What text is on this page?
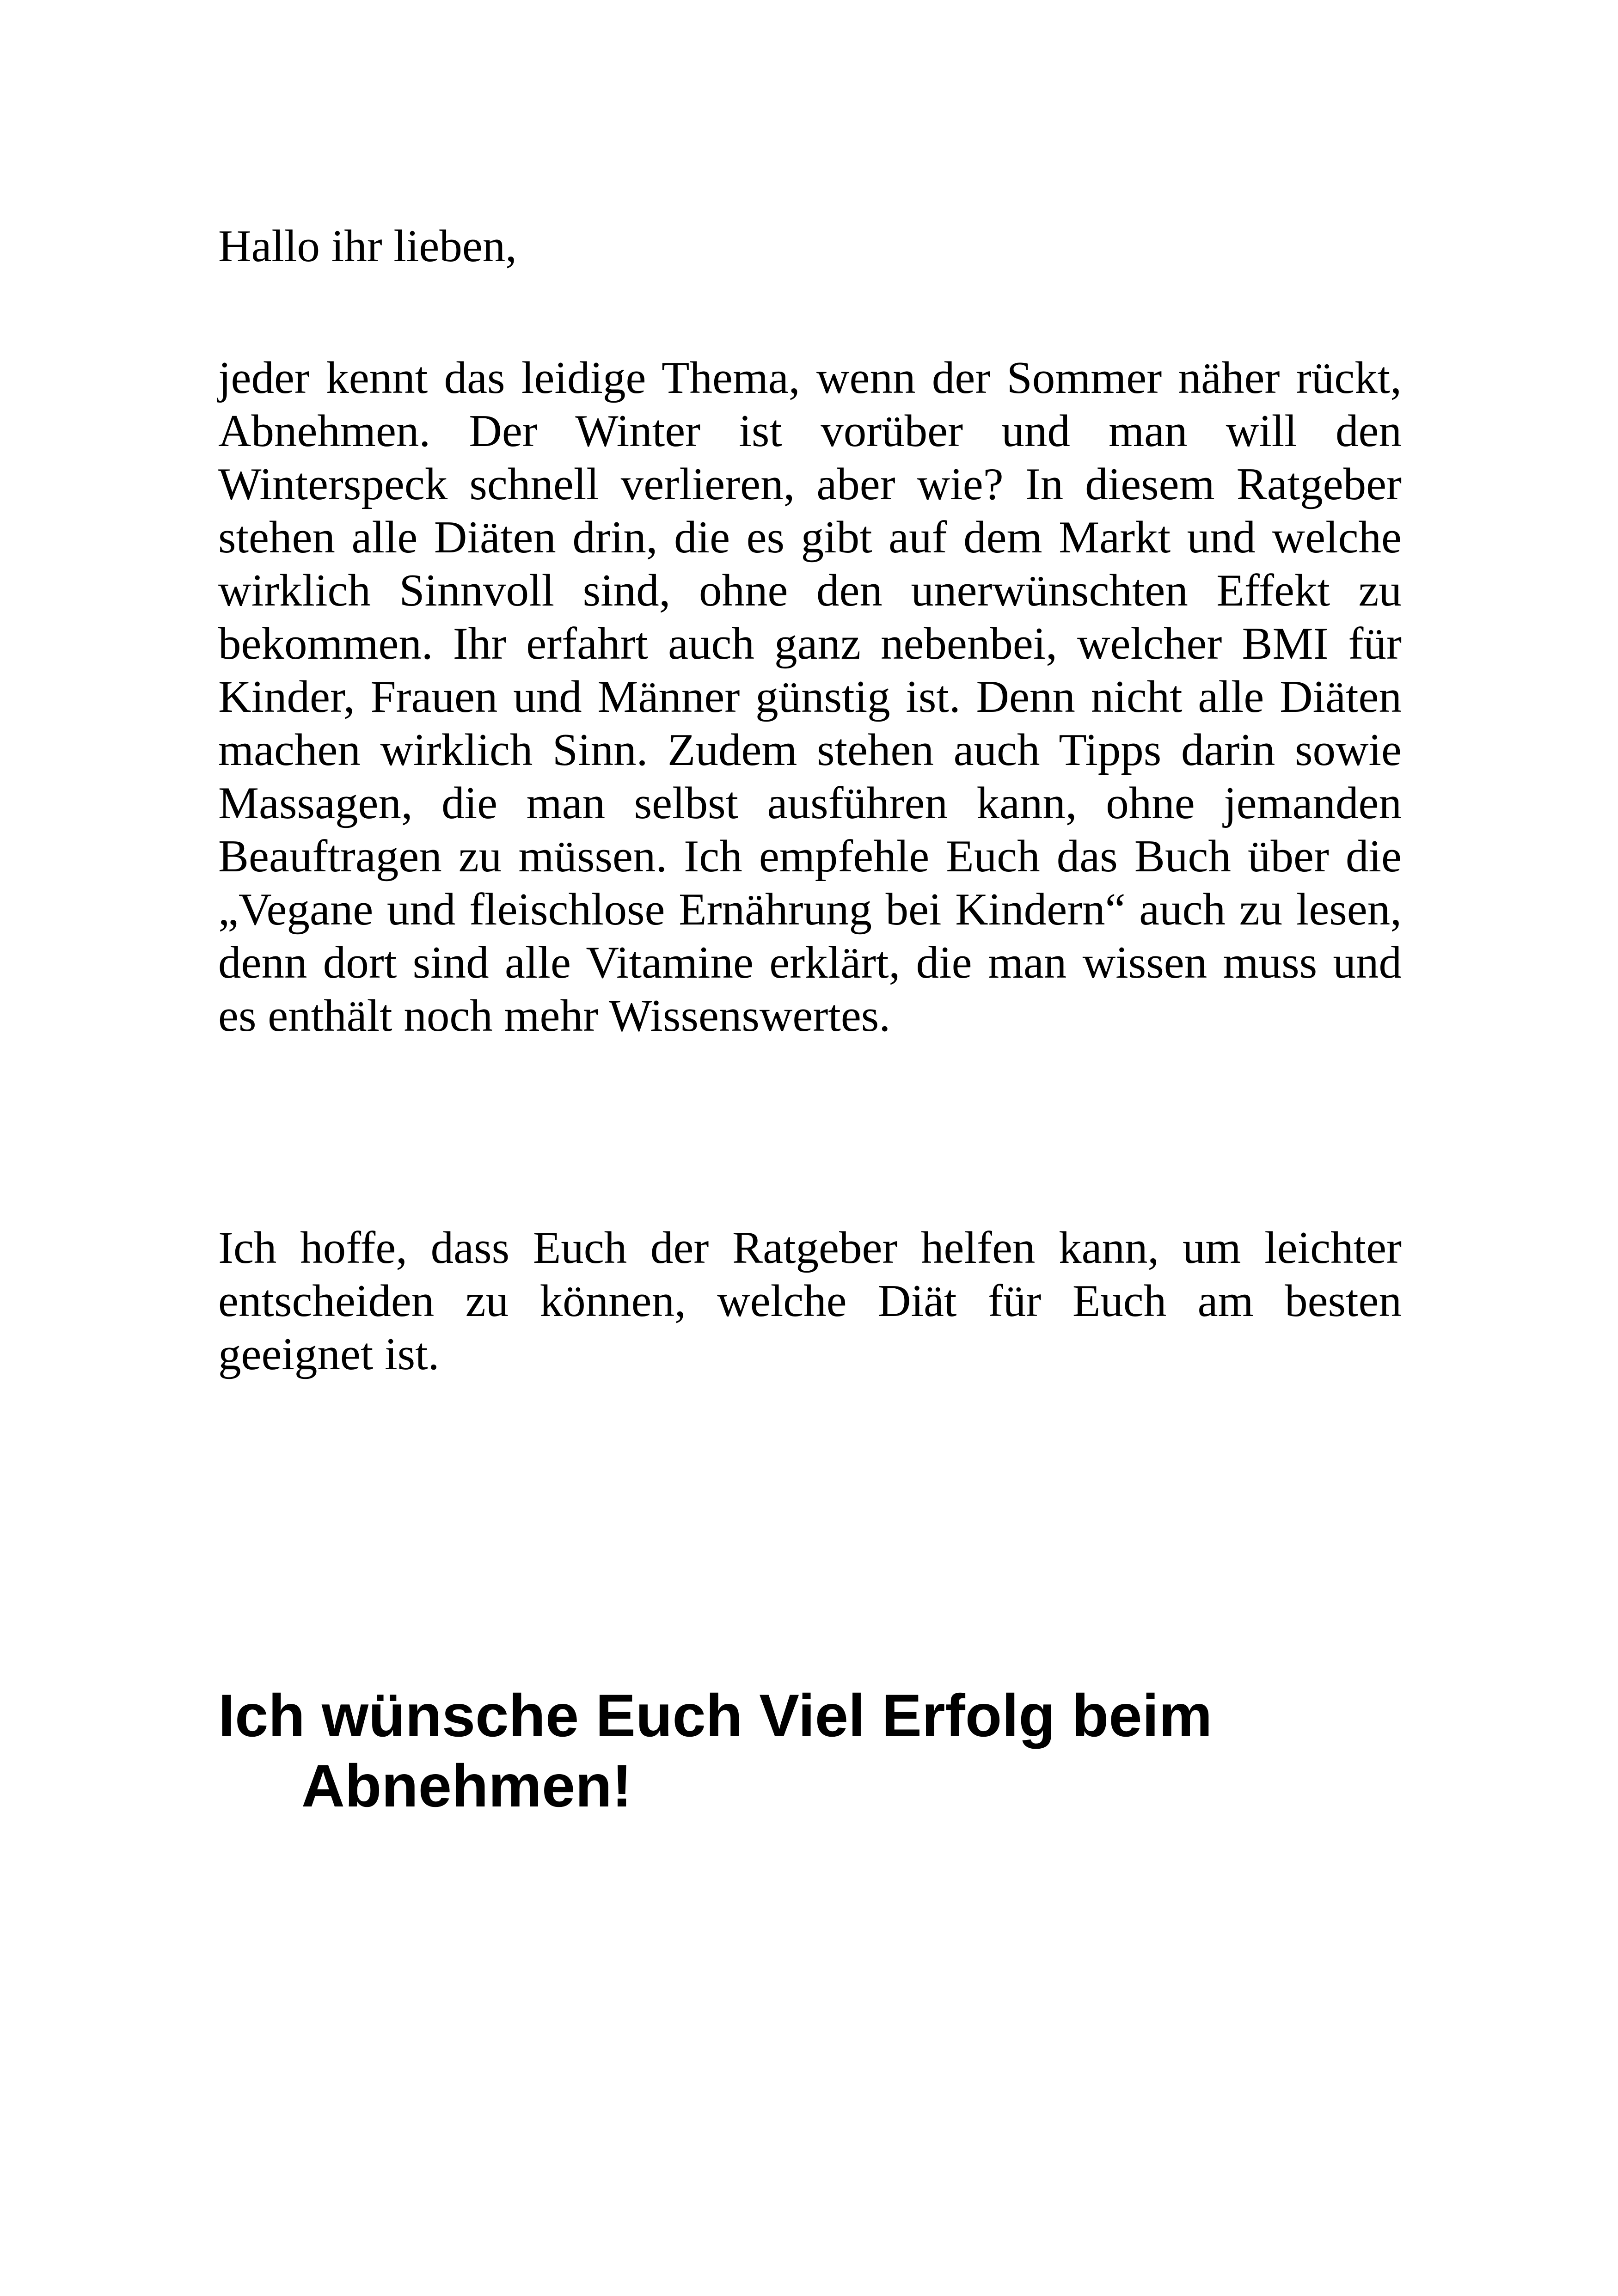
Hallo ihr lieben,

jeder kennt das leidige Thema, wenn der Sommer näher rückt,
Abnehmen. Der Winter ist vorüber und man will den
Winterspeck schnell verlieren, aber wie? In diesem Ratgeber
stehen alle Diäten drin, die es gibt auf dem Markt und welche
wirklich Sinnvoll sind, ohne den unerwünschten Effekt zu
bekommen. Ihr erfahrt auch ganz nebenbei, welcher BMI für
Kinder, Frauen und Männer günstig ist. Denn nicht alle Diäten
machen wirklich Sinn. Zudem stehen auch Tipps darin sowie
Massagen, die man selbst ausführen kann, ohne jemanden
Beauftragen zu müssen. Ich empfehle Euch das Buch über die
„Vegane und fleischlose Ernährung bei Kindern“ auch zu lesen,
denn dort sind alle Vitamine erklärt, die man wissen muss und
es enthält noch mehr Wissenswertes.
Ich hoffe, dass Euch der Ratgeber helfen kann, um leichter
entscheiden zu können, welche Diät für Euch am besten
geeignet ist.
Ich wünsche Euch Viel Erfolg beim
Abnehmen!
